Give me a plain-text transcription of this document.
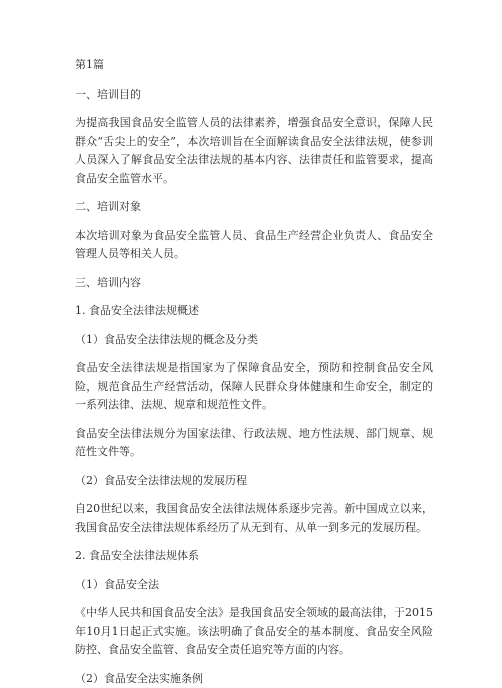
第1篇

一、培训目的

为提高我国食品安全监管人员的法律素养，增强食品安全意识，保障人民群众“舌尖上的安全”，本次培训旨在全面解读食品安全法律法规，使参训人员深入了解食品安全法律法规的基本内容、法律责任和监管要求，提高食品安全监管水平。

二、培训对象

本次培训对象为食品安全监管人员、食品生产经营企业负责人、食品安全管理人员等相关人员。

三、培训内容

1. 食品安全法律法规概述

（1）食品安全法律法规的概念及分类

食品安全法律法规是指国家为了保障食品安全，预防和控制食品安全风险，规范食品生产经营活动，保障人民群众身体健康和生命安全，制定的一系列法律、法规、规章和规范性文件。

食品安全法律法规分为国家法律、行政法规、地方性法规、部门规章、规范性文件等。

（2）食品安全法律法规的发展历程

自20世纪以来，我国食品安全法律法规体系逐步完善。新中国成立以来，我国食品安全法律法规体系经历了从无到有、从单一到多元的发展历程。

2. 食品安全法律法规体系

（1）食品安全法

《中华人民共和国食品安全法》是我国食品安全领域的最高法律，于2015年10月1日起正式实施。该法明确了食品安全的基本制度、食品安全风险防控、食品安全监管、食品安全责任追究等方面的内容。

（2）食品安全法实施条例
